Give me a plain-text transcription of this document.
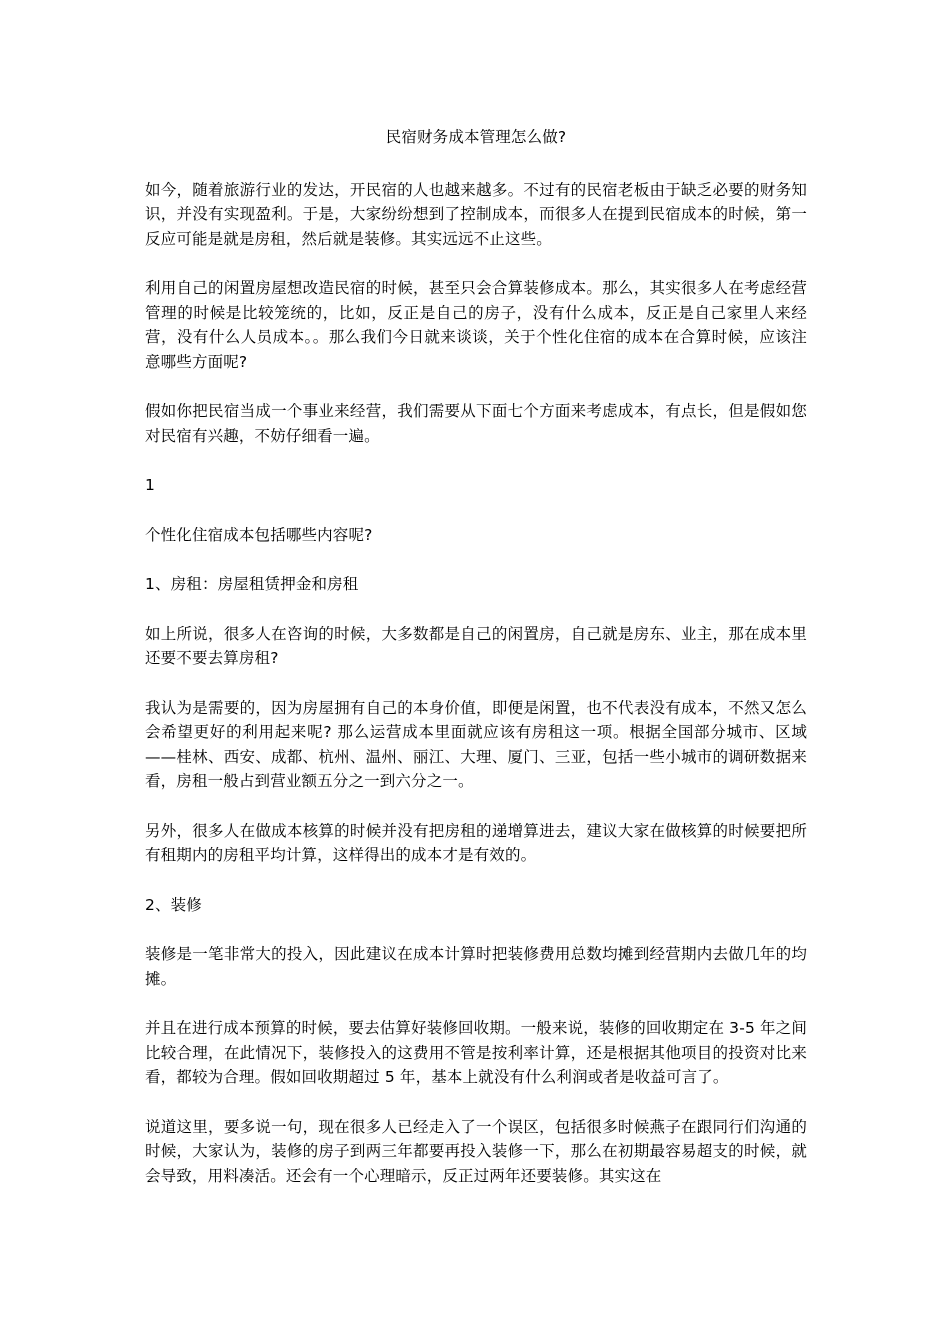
民宿财务成本管理怎么做?

如今，随着旅游行业的发达，开民宿的人也越来越多。不过有的民宿老板由于缺乏必要的财务知识，并没有实现盈利。于是，大家纷纷想到了控制成本，而很多人在提到民宿成本的时候，第一反应可能是就是房租，然后就是装修。其实远远不止这些。

利用自己的闲置房屋想改造民宿的时候，甚至只会合算装修成本。那么，其实很多人在考虑经营管理的时候是比较笼统的，比如，反正是自己的房子，没有什么成本，反正是自己家里人来经营，没有什么人员成本。。那么我们今日就来谈谈，关于个性化住宿的成本在合算时候，应该注意哪些方面呢?

假如你把民宿当成一个事业来经营，我们需要从下面七个方面来考虑成本，有点长，但是假如您对民宿有兴趣，不妨仔细看一遍。

1

个性化住宿成本包括哪些内容呢?

1、房租：房屋租赁押金和房租

如上所说，很多人在咨询的时候，大多数都是自己的闲置房，自己就是房东、业主，那在成本里还要不要去算房租?

我认为是需要的，因为房屋拥有自己的本身价值，即便是闲置，也不代表没有成本，不然又怎么会希望更好的利用起来呢? 那么运营成本里面就应该有房租这一项。根据全国部分城市、区域——桂林、西安、成都、杭州、温州、丽江、大理、厦门、三亚，包括一些小城市的调研数据来看，房租一般占到营业额五分之一到六分之一。

另外，很多人在做成本核算的时候并没有把房租的递增算进去，建议大家在做核算的时候要把所有租期内的房租平均计算，这样得出的成本才是有效的。

2、装修

装修是一笔非常大的投入，因此建议在成本计算时把装修费用总数均摊到经营期内去做几年的均摊。

并且在进行成本预算的时候，要去估算好装修回收期。一般来说，装修的回收期定在 3-5 年之间比较合理，在此情况下，装修投入的这费用不管是按利率计算，还是根据其他项目的投资对比来看，都较为合理。假如回收期超过 5 年，基本上就没有什么利润或者是收益可言了。

说道这里，要多说一句，现在很多人已经走入了一个误区，包括很多时候燕子在跟同行们沟通的时候，大家认为，装修的房子到两三年都要再投入装修一下，那么在初期最容易超支的时候，就会导致，用料凑活。还会有一个心理暗示，反正过两年还要装修。其实这在
